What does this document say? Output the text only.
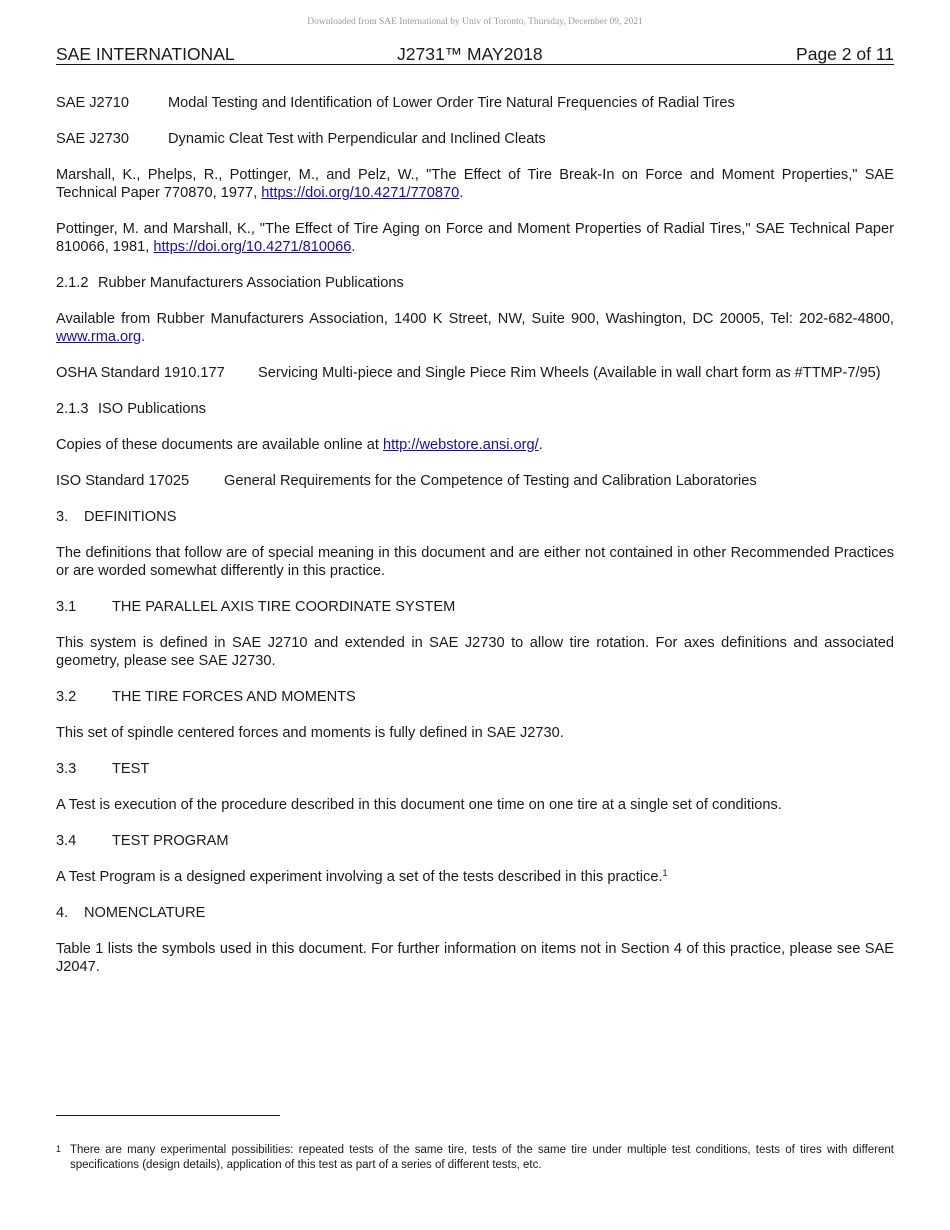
Downloaded from SAE International by Univ of Toronto, Thursday, December 09, 2021
SAE INTERNATIONAL	J2731™ MAY2018	Page 2 of 11
SAE J2710	Modal Testing and Identification of Lower Order Tire Natural Frequencies of Radial Tires
SAE J2730	Dynamic Cleat Test with Perpendicular and Inclined Cleats

Marshall, K., Phelps, R., Pottinger, M., and Pelz, W., "The Effect of Tire Break-In on Force and Moment Properties," SAE Technical Paper 770870, 1977, https://doi.org/10.4271/770870.

Pottinger, M. and Marshall, K., "The Effect of Tire Aging on Force and Moment Properties of Radial Tires," SAE Technical Paper 810066, 1981, https://doi.org/10.4271/810066.

2.1.2 Rubber Manufacturers Association Publications

Available from Rubber Manufacturers Association, 1400 K Street, NW, Suite 900, Washington, DC 20005, Tel: 202-682-4800, www.rma.org.

OSHA Standard 1910.177	Servicing Multi-piece and Single Piece Rim Wheels (Available in wall chart form as #TTMP-7/95)
2.1.3 ISO Publications

Copies of these documents are available online at http://webstore.ansi.org/.

ISO Standard 17025	General Requirements for the Competence of Testing and Calibration Laboratories
3.	DEFINITIONS

The definitions that follow are of special meaning in this document and are either not contained in other Recommended Practices or are worded somewhat differently in this practice.

3.1	THE PARALLEL AXIS TIRE COORDINATE SYSTEM

This system is defined in SAE J2710 and extended in SAE J2730 to allow tire rotation. For axes definitions and associated geometry, please see SAE J2730.

3.2	THE TIRE FORCES AND MOMENTS

This set of spindle centered forces and moments is fully defined in SAE J2730.

3.3	TEST

A Test is execution of the procedure described in this document one time on one tire at a single set of conditions.

3.4	TEST PROGRAM

A Test Program is a designed experiment involving a set of the tests described in this practice.$^1$

4.	NOMENCLATURE

Table 1 lists the symbols used in this document. For further information on items not in Section 4 of this practice, please see SAE J2047.

1 There are many experimental possibilities: repeated tests of the same tire, tests of the same tire under multiple test conditions, tests of tires with different specifications (design details), application of this test as part of a series of different tests, etc.
